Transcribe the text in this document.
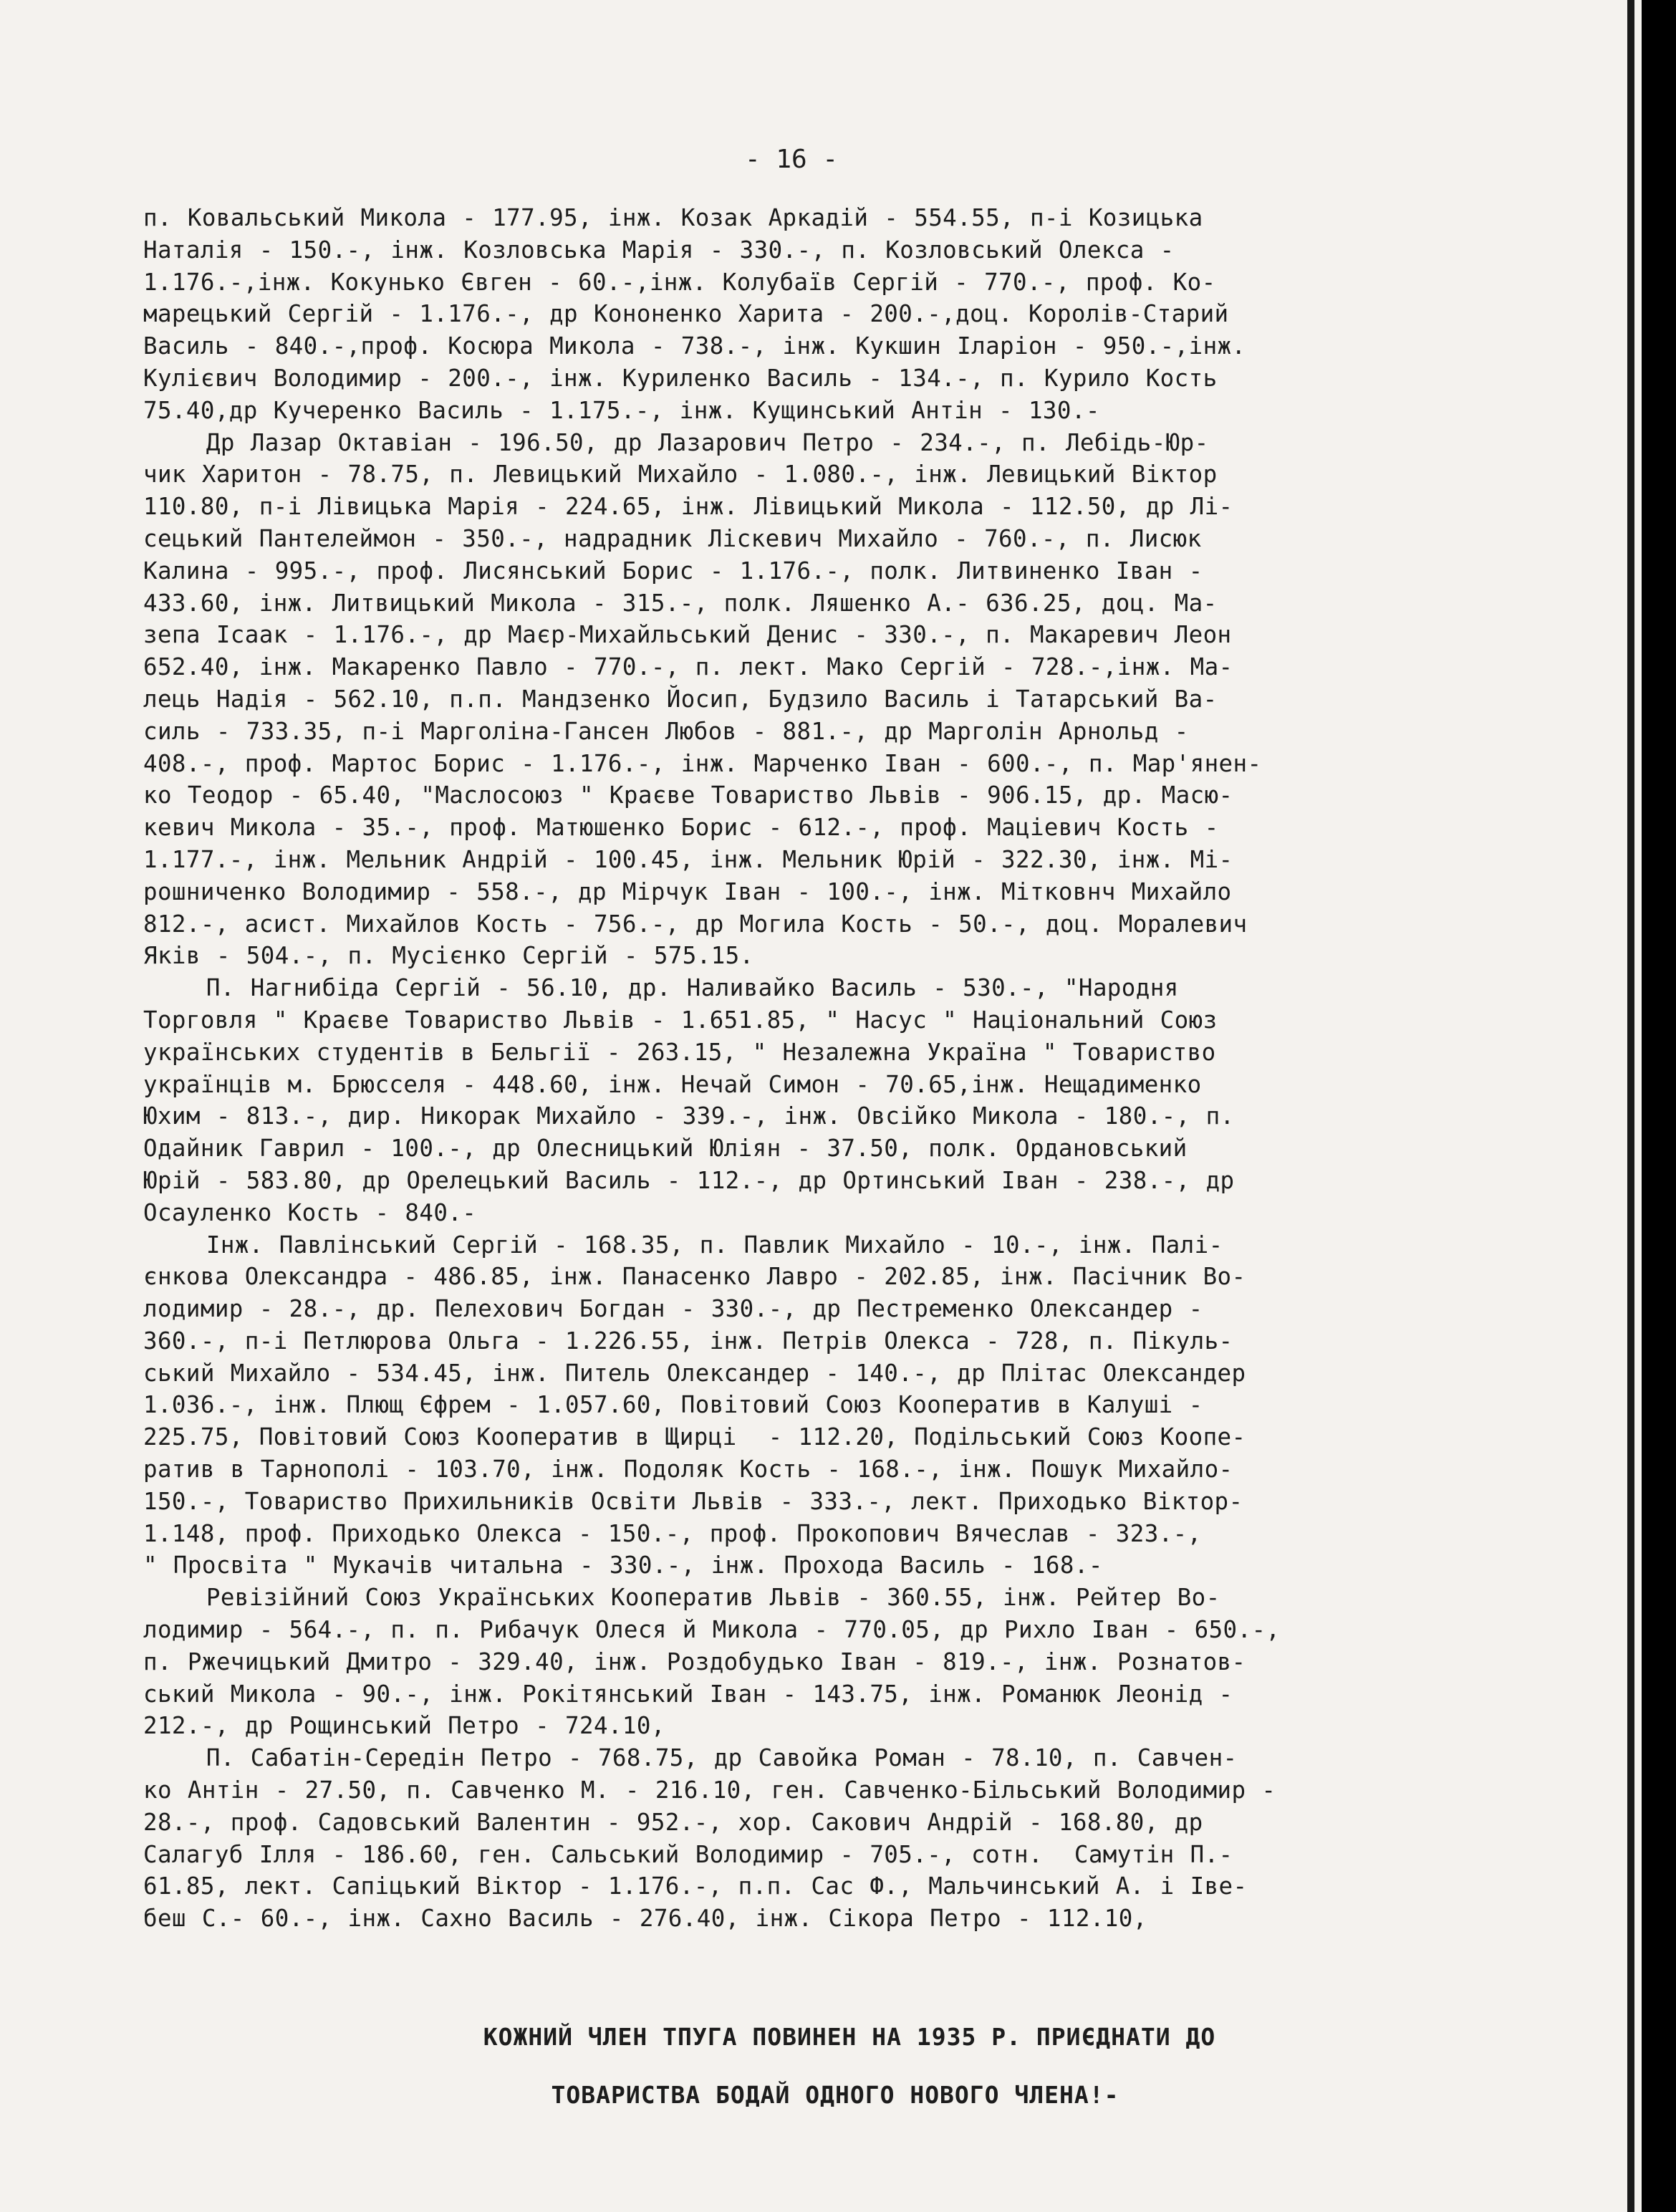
- 16 -

п. Ковальський Микола - 177.95, інж. Козак Аркадій - 554.55, п-і Козицька
Наталія - 150.-, інж. Козловська Марія - 330.-, п. Козловський Олекса -
1.176.-,інж. Кокунько Євген - 60.-,інж. Колубаїв Сергій - 770.-, проф. Ко-
марецький Сергій - 1.176.-, др Кононенко Харита - 200.-,доц. Королів-Старий
Василь - 840.-,проф. Косюра Микола - 738.-, інж. Кукшин Іларіон - 950.-,інж.
Кулієвич Володимир - 200.-, інж. Куриленко Василь - 134.-, п. Курило Кость
75.40,др Кучеренко Василь - 1.175.-, інж. Кущинський Антін - 130.-

Др Лазар Октавіан - 196.50, др Лазарович Петро - 234.-, п. Лебідь-Юр-
чик Харитон - 78.75, п. Левицький Михайло - 1.080.-, інж. Левицький Віктор
110.80, п-і Лівицька Марія - 224.65, інж. Лівицький Микола - 112.50, др Лі-
сецький Пантелеймон - 350.-, надрадник Ліскевич Михайло - 760.-, п. Лисюк
Калина - 995.-, проф. Лисянський Борис - 1.176.-, полк. Литвиненко Іван -
433.60, інж. Литвицький Микола - 315.-, полк. Ляшенко А.- 636.25, доц. Ма-
зепа Ісаак - 1.176.-, др Маєр-Михайльський Денис - 330.-, п. Макаревич Леон
652.40, інж. Макаренко Павло - 770.-, п. лект. Мако Сергій - 728.-,інж. Ма-
лець Надія - 562.10, п.п. Мандзенко Йосип, Будзило Василь і Татарський Ва-
силь - 733.35, п-і Марголіна-Гансен Любов - 881.-, др Марголін Арнольд -
408.-, проф. Мартос Борис - 1.176.-, інж. Марченко Іван - 600.-, п. Мар'янен-
ко Теодор - 65.40, "Маслосоюз " Краєве Товариство Львів - 906.15, др. Масю-
кевич Микола - 35.-, проф. Матюшенко Борис - 612.-, проф. Маціевич Кость -
1.177.-, інж. Мельник Андрій - 100.45, інж. Мельник Юрій - 322.30, інж. Мі-
рошниченко Володимир - 558.-, др Мірчук Іван - 100.-, інж. Мітковнч Михайло
812.-, асист. Михайлов Кость - 756.-, др Могила Кость - 50.-, доц. Моралевич
Яків - 504.-, п. Мусієнко Сергій - 575.15.

П. Нагнибіда Сергій - 56.10, др. Наливайко Василь - 530.-, "Народня
Торговля " Краєве Товариство Львів - 1.651.85, " Насус " Національний Союз
українських студентів в Бельгії - 263.15, " Незалежна Україна " Товариство
українців м. Брюсселя - 448.60, інж. Нечай Симон - 70.65,інж. Нещадименко
Юхим - 813.-, дир. Никорак Михайло - 339.-, інж. Овсійко Микола - 180.-, п.
Одайник Гаврил - 100.-, др Олесницький Юліян - 37.50, полк. Ордановський
Юрій - 583.80, др Орелецький Василь - 112.-, др Ортинський Іван - 238.-, др
Осауленко Кость - 840.-

Інж. Павлінський Сергій - 168.35, п. Павлик Михайло - 10.-, інж. Палі-
єнкова Олександра - 486.85, інж. Панасенко Лавро - 202.85, інж. Пасічник Во-
лодимир - 28.-, др. Пелехович Богдан - 330.-, др Пестременко Олександер -
360.-, п-і Петлюрова Ольга - 1.226.55, інж. Петрів Олекса - 728, п. Пікуль-
ський Михайло - 534.45, інж. Питель Олександер - 140.-, др Плітас Олександер
1.036.-, інж. Плющ Єфрем - 1.057.60, Повітовий Союз Кооператив в Калуші -
225.75, Повітовий Союз Кооператив в Щирці  - 112.20, Подільський Союз Коопе-
ратив в Тарнополі - 103.70, інж. Подоляк Кость - 168.-, інж. Пошук Михайло-
150.-, Товариство Прихильників Освіти Львів - 333.-, лект. Приходько Віктор-
1.148, проф. Приходько Олекса - 150.-, проф. Прокопович Вячеслав - 323.-,
" Просвіта " Мукачів читальна - 330.-, інж. Прохода Василь - 168.-

Ревізійний Союз Українських Кооператив Львів - 360.55, інж. Рейтер Во-
лодимир - 564.-, п. п. Рибачук Олеся й Микола - 770.05, др Рихло Іван - 650.-,
п. Ржечицький Дмитро - 329.40, інж. Роздобудько Іван - 819.-, інж. Рознатов-
ський Микола - 90.-, інж. Рокітянський Іван - 143.75, інж. Романюк Леонід -
212.-, др Рощинський Петро - 724.10,

П. Сабатін-Середін Петро - 768.75, др Савойка Роман - 78.10, п. Савчен-
ко Антін - 27.50, п. Савченко М. - 216.10, ген. Савченко-Більський Володимир -
28.-, проф. Садовський Валентин - 952.-, хор. Сакович Андрій - 168.80, др
Салагуб Ілля - 186.60, ген. Сальський Володимир - 705.-, сотн.  Самутін П.-
61.85, лект. Сапіцький Віктор - 1.176.-, п.п. Сас Ф., Мальчинський А. і Іве-
беш С.- 60.-, інж. Сахно Василь - 276.40, інж. Сікора Петро - 112.10,

КОЖНИЙ ЧЛЕН ТПУГА ПОВИНЕН НА 1935 Р. ПРИЄДНАТИ ДО
ТОВАРИСТВА БОДАЙ ОДНОГО НОВОГО ЧЛЕНА!-
